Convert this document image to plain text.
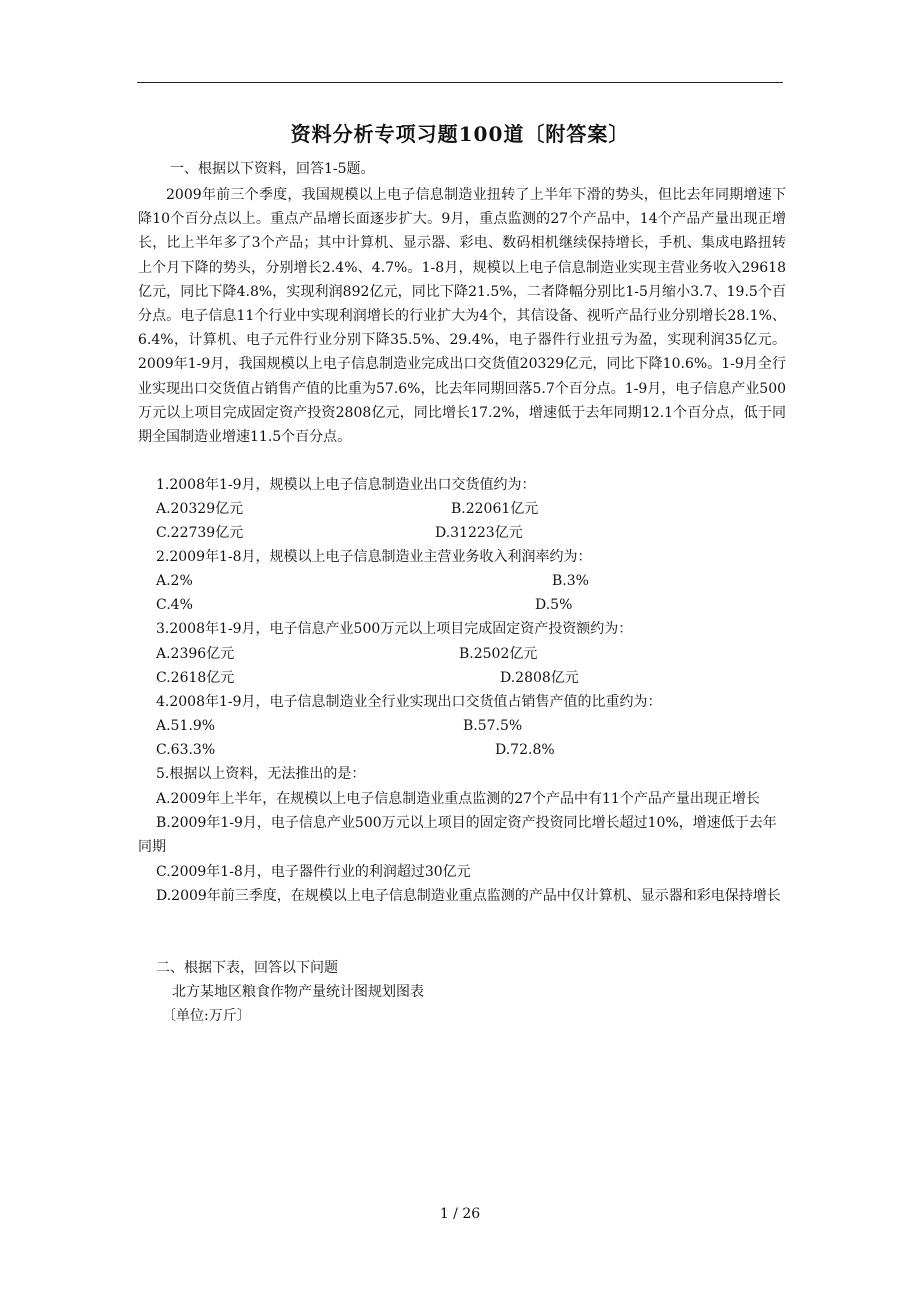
资料分析专项习题100道〔附答案〕
一、根据以下资料，回答1-5题。
2009年前三个季度，我国规模以上电子信息制造业扭转了上半年下滑的势头，但比去年同期增速下降10个百分点以上。重点产品增长面逐步扩大。9月，重点监测的27个产品中，14个产品产量出现正增长，比上半年多了3个产品；其中计算机、显示器、彩电、数码相机继续保持增长，手机、集成电路扭转上个月下降的势头，分别增长2.4%、4.7%。1-8月，规模以上电子信息制造业实现主营业务收入29618亿元，同比下降4.8%，实现利润892亿元，同比下降21.5%，二者降幅分别比1-5月缩小3.7、19.5个百分点。电子信息11个行业中实现利润增长的行业扩大为4个，其信设备、视听产品行业分别增长28.1%、6.4%，计算机、电子元件行业分别下降35.5%、29.4%，电子器件行业扭亏为盈，实现利润35亿元。2009年1-9月，我国规模以上电子信息制造业完成出口交货值20329亿元，同比下降10.6%。1-9月全行业实现出口交货值占销售产值的比重为57.6%，比去年同期回落5.7个百分点。1-9月，电子信息产业500万元以上项目完成固定资产投资2808亿元，同比增长17.2%，增速低于去年同期12.1个百分点，低于同期全国制造业增速11.5个百分点。
1.2008年1-9月，规模以上电子信息制造业出口交货值约为：
A.20329亿元	B.22061亿元
C.22739亿元	D.31223亿元
2.2009年1-8月，规模以上电子信息制造业主营业务收入利润率约为：
A.2%	B.3%
C.4%	D.5%
3.2008年1-9月，电子信息产业500万元以上项目完成固定资产投资额约为：
A.2396亿元	B.2502亿元
C.2618亿元	D.2808亿元
4.2008年1-9月，电子信息制造业全行业实现出口交货值占销售产值的比重约为：
A.51.9%	B.57.5%
C.63.3%	D.72.8%
5.根据以上资料，无法推出的是：

A.2009年上半年，在规模以上电子信息制造业重点监测的27个产品中有11个产品产量出现正增长

B.2009年1-9月，电子信息产业500万元以上项目的固定资产投资同比增长超过10%，增速低于去年同期

C.2009年1-8月，电子器件行业的利润超过30亿元

D.2009年前三季度，在规模以上电子信息制造业重点监测的产品中仅计算机、显示器和彩电保持增长

二、根据下表，回答以下问题
北方某地区粮食作物产量统计图规划图表
〔单位:万斤〕
1 / 26
